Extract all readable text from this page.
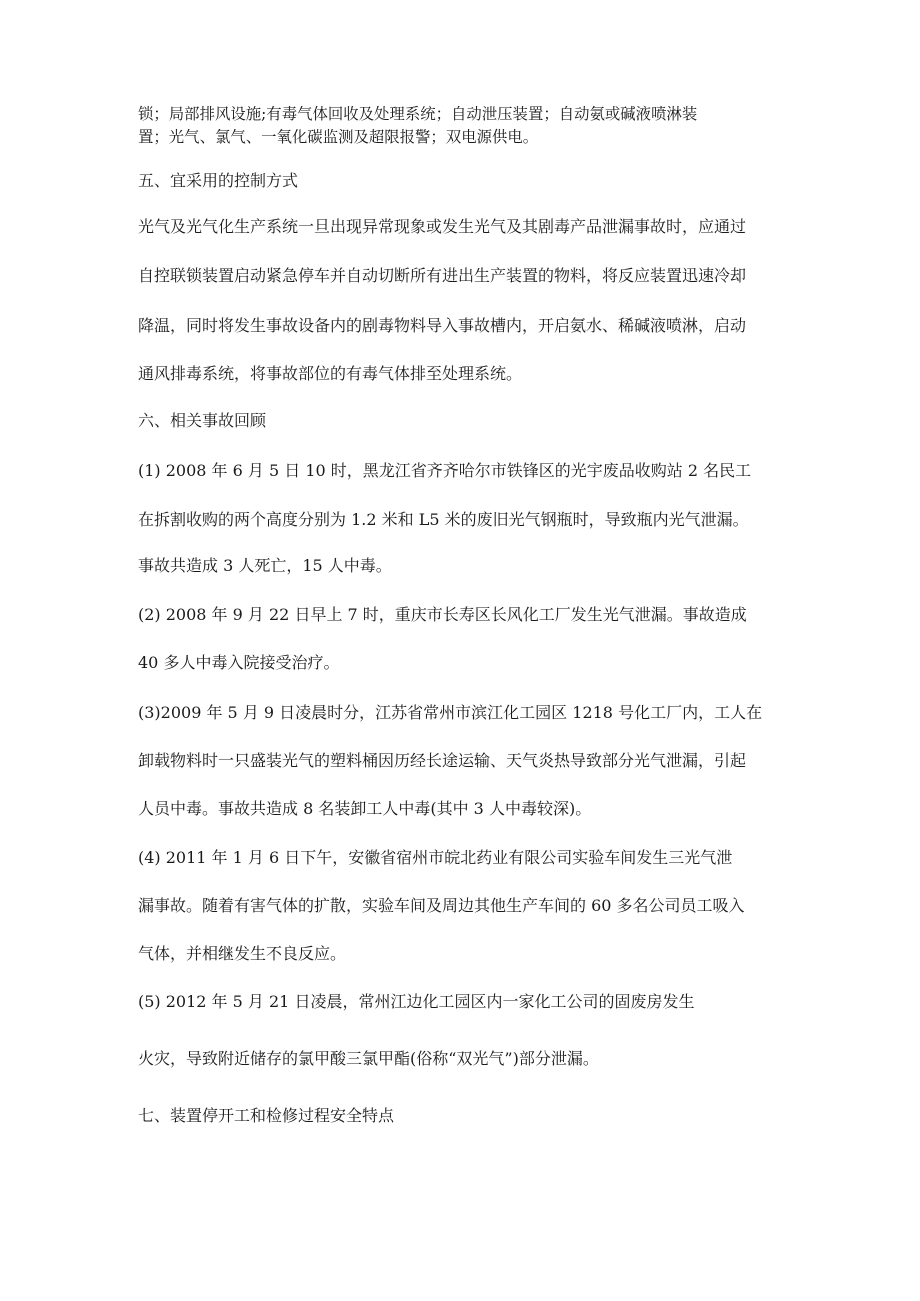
锁；局部排风设施;有毒气体回收及处理系统；自动泄压装置；自动氨或碱液喷淋装

置；光气、氯气、一氧化碳监测及超限报警；双电源供电。

五、宜采用的控制方式

光气及光气化生产系统一旦出现异常现象或发生光气及其剧毒产品泄漏事故时，应通过

自控联锁装置启动紧急停车并自动切断所有进出生产装置的物料，将反应装置迅速冷却

降温，同时将发生事故设备内的剧毒物料导入事故槽内，开启氨水、稀碱液喷淋，启动

通风排毒系统，将事故部位的有毒气体排至处理系统。

六、相关事故回顾

(1) 2008 年 6 月 5 日 10 时，黑龙江省齐齐哈尔市铁锋区的光宇废品收购站 2 名民工

在拆割收购的两个高度分别为 1.2 米和 L5 米的废旧光气钢瓶时，导致瓶内光气泄漏。

事故共造成 3 人死亡，15 人中毒。

(2) 2008 年 9 月 22 日早上 7 时，重庆市长寿区长风化工厂发生光气泄漏。事故造成

40 多人中毒入院接受治疗。

(3)2009 年 5 月 9 日凌晨时分，江苏省常州市滨江化工园区 1218 号化工厂内，工人在

卸载物料时一只盛装光气的塑料桶因历经长途运输、天气炎热导致部分光气泄漏，引起

人员中毒。事故共造成 8 名装卸工人中毒(其中 3 人中毒较深)。

(4) 2011 年 1 月 6 日下午，安徽省宿州市皖北药业有限公司实验车间发生三光气泄

漏事故。随着有害气体的扩散，实验车间及周边其他生产车间的 60 多名公司员工吸入

气体，并相继发生不良反应。

(5) 2012 年 5 月 21 日凌晨，常州江边化工园区内一家化工公司的固废房发生

火灾，导致附近储存的氯甲酸三氯甲酯(俗称“双光气”)部分泄漏。

七、装置停开工和检修过程安全特点
